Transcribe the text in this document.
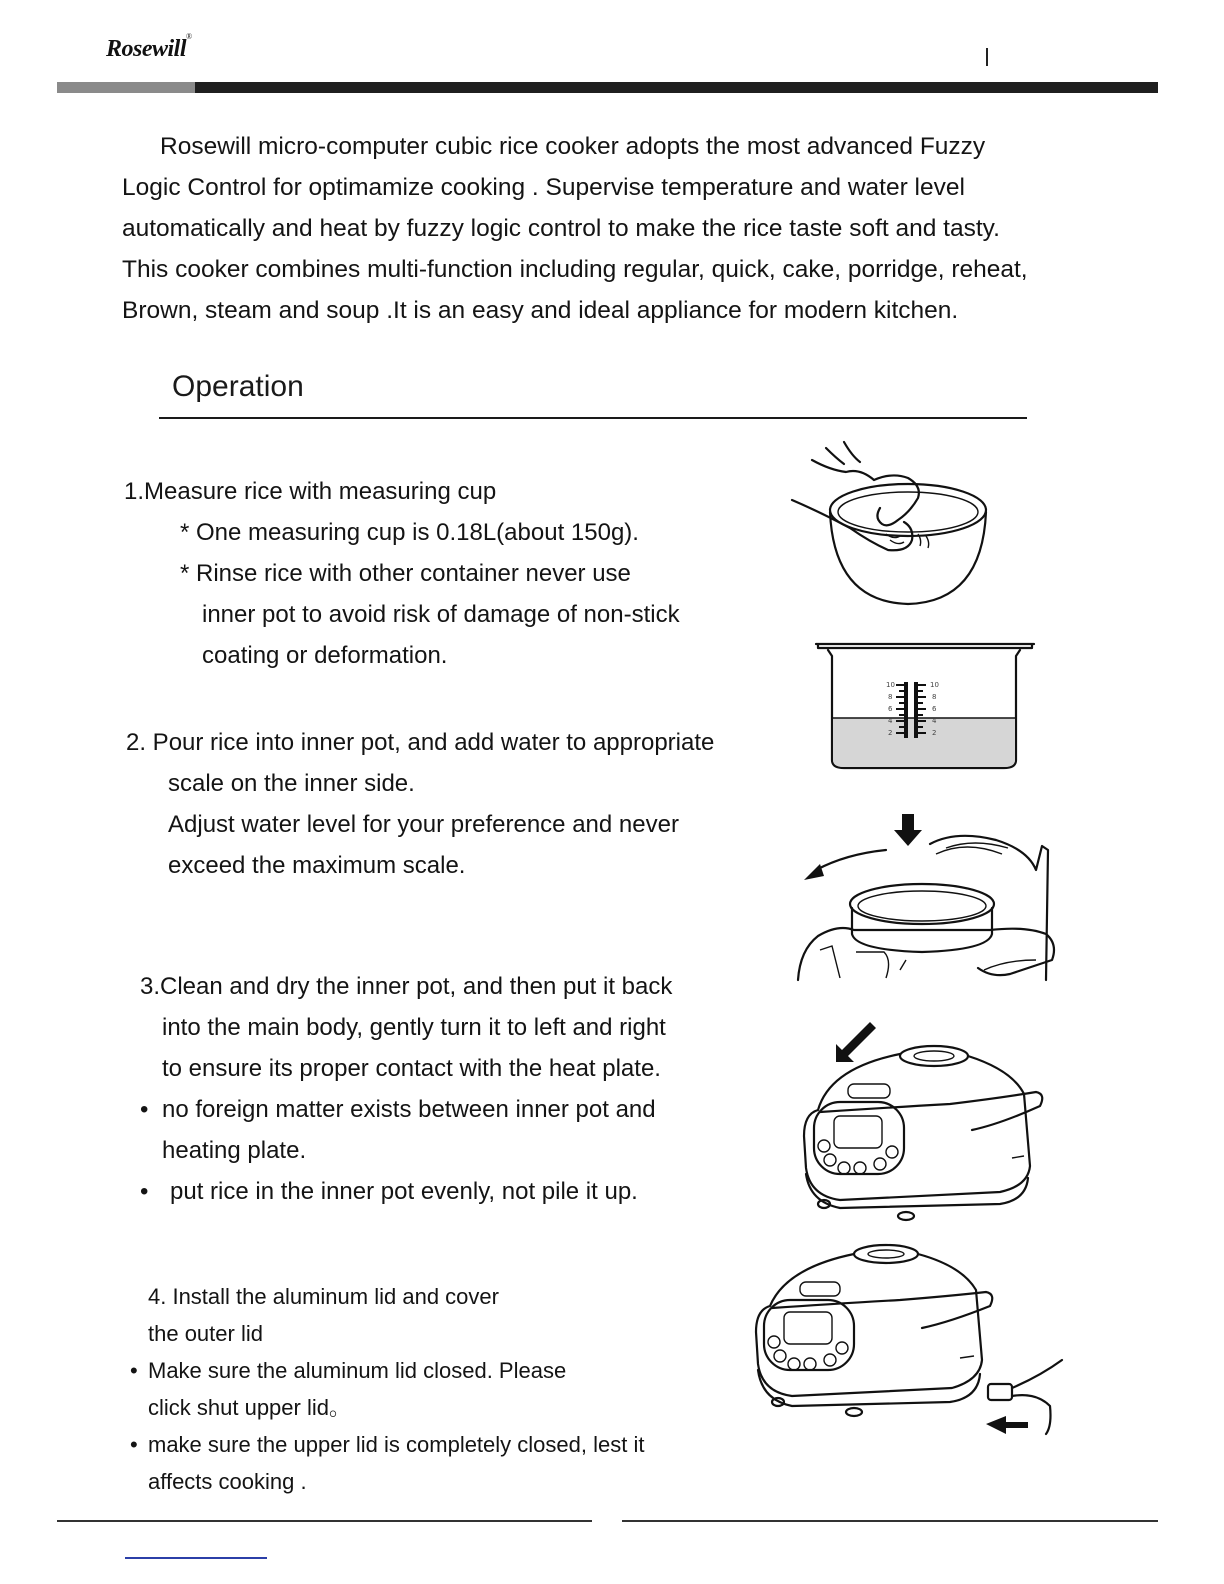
Rosewill®

Rosewill micro-computer cubic rice cooker adopts the most advanced Fuzzy

Logic Control for optimamize cooking . Supervise temperature and water level

automatically and heat by fuzzy logic control to make the rice taste soft and tasty.

This cooker combines multi-function including regular, quick, cake, porridge, reheat,

Brown, steam and soup .It is an easy and ideal appliance for modern kitchen.

Operation

1.Measure rice with measuring cup

* One measuring cup is 0.18L(about 150g).

* Rinse rice with other container never use

inner pot to avoid risk of damage of non-stick

coating or deformation.

2. Pour rice into inner pot, and add water to appropriate

scale on the inner side.

Adjust water level for your preference and never

exceed the maximum scale.

3.Clean and dry the inner pot, and then put it back

into the main body, gently turn it to left and right

to ensure its proper contact with the heat plate.

• no foreign matter exists between inner pot and

heating plate.

• put rice in the inner pot evenly, not pile it up.

4. Install the aluminum lid and cover

the outer lid

• Make sure the aluminum lid closed. Please

click shut upper lid。

• make sure the upper lid is completely closed, lest it

affects cooking .

10
8
6
4
2
10
8
6
4
2
